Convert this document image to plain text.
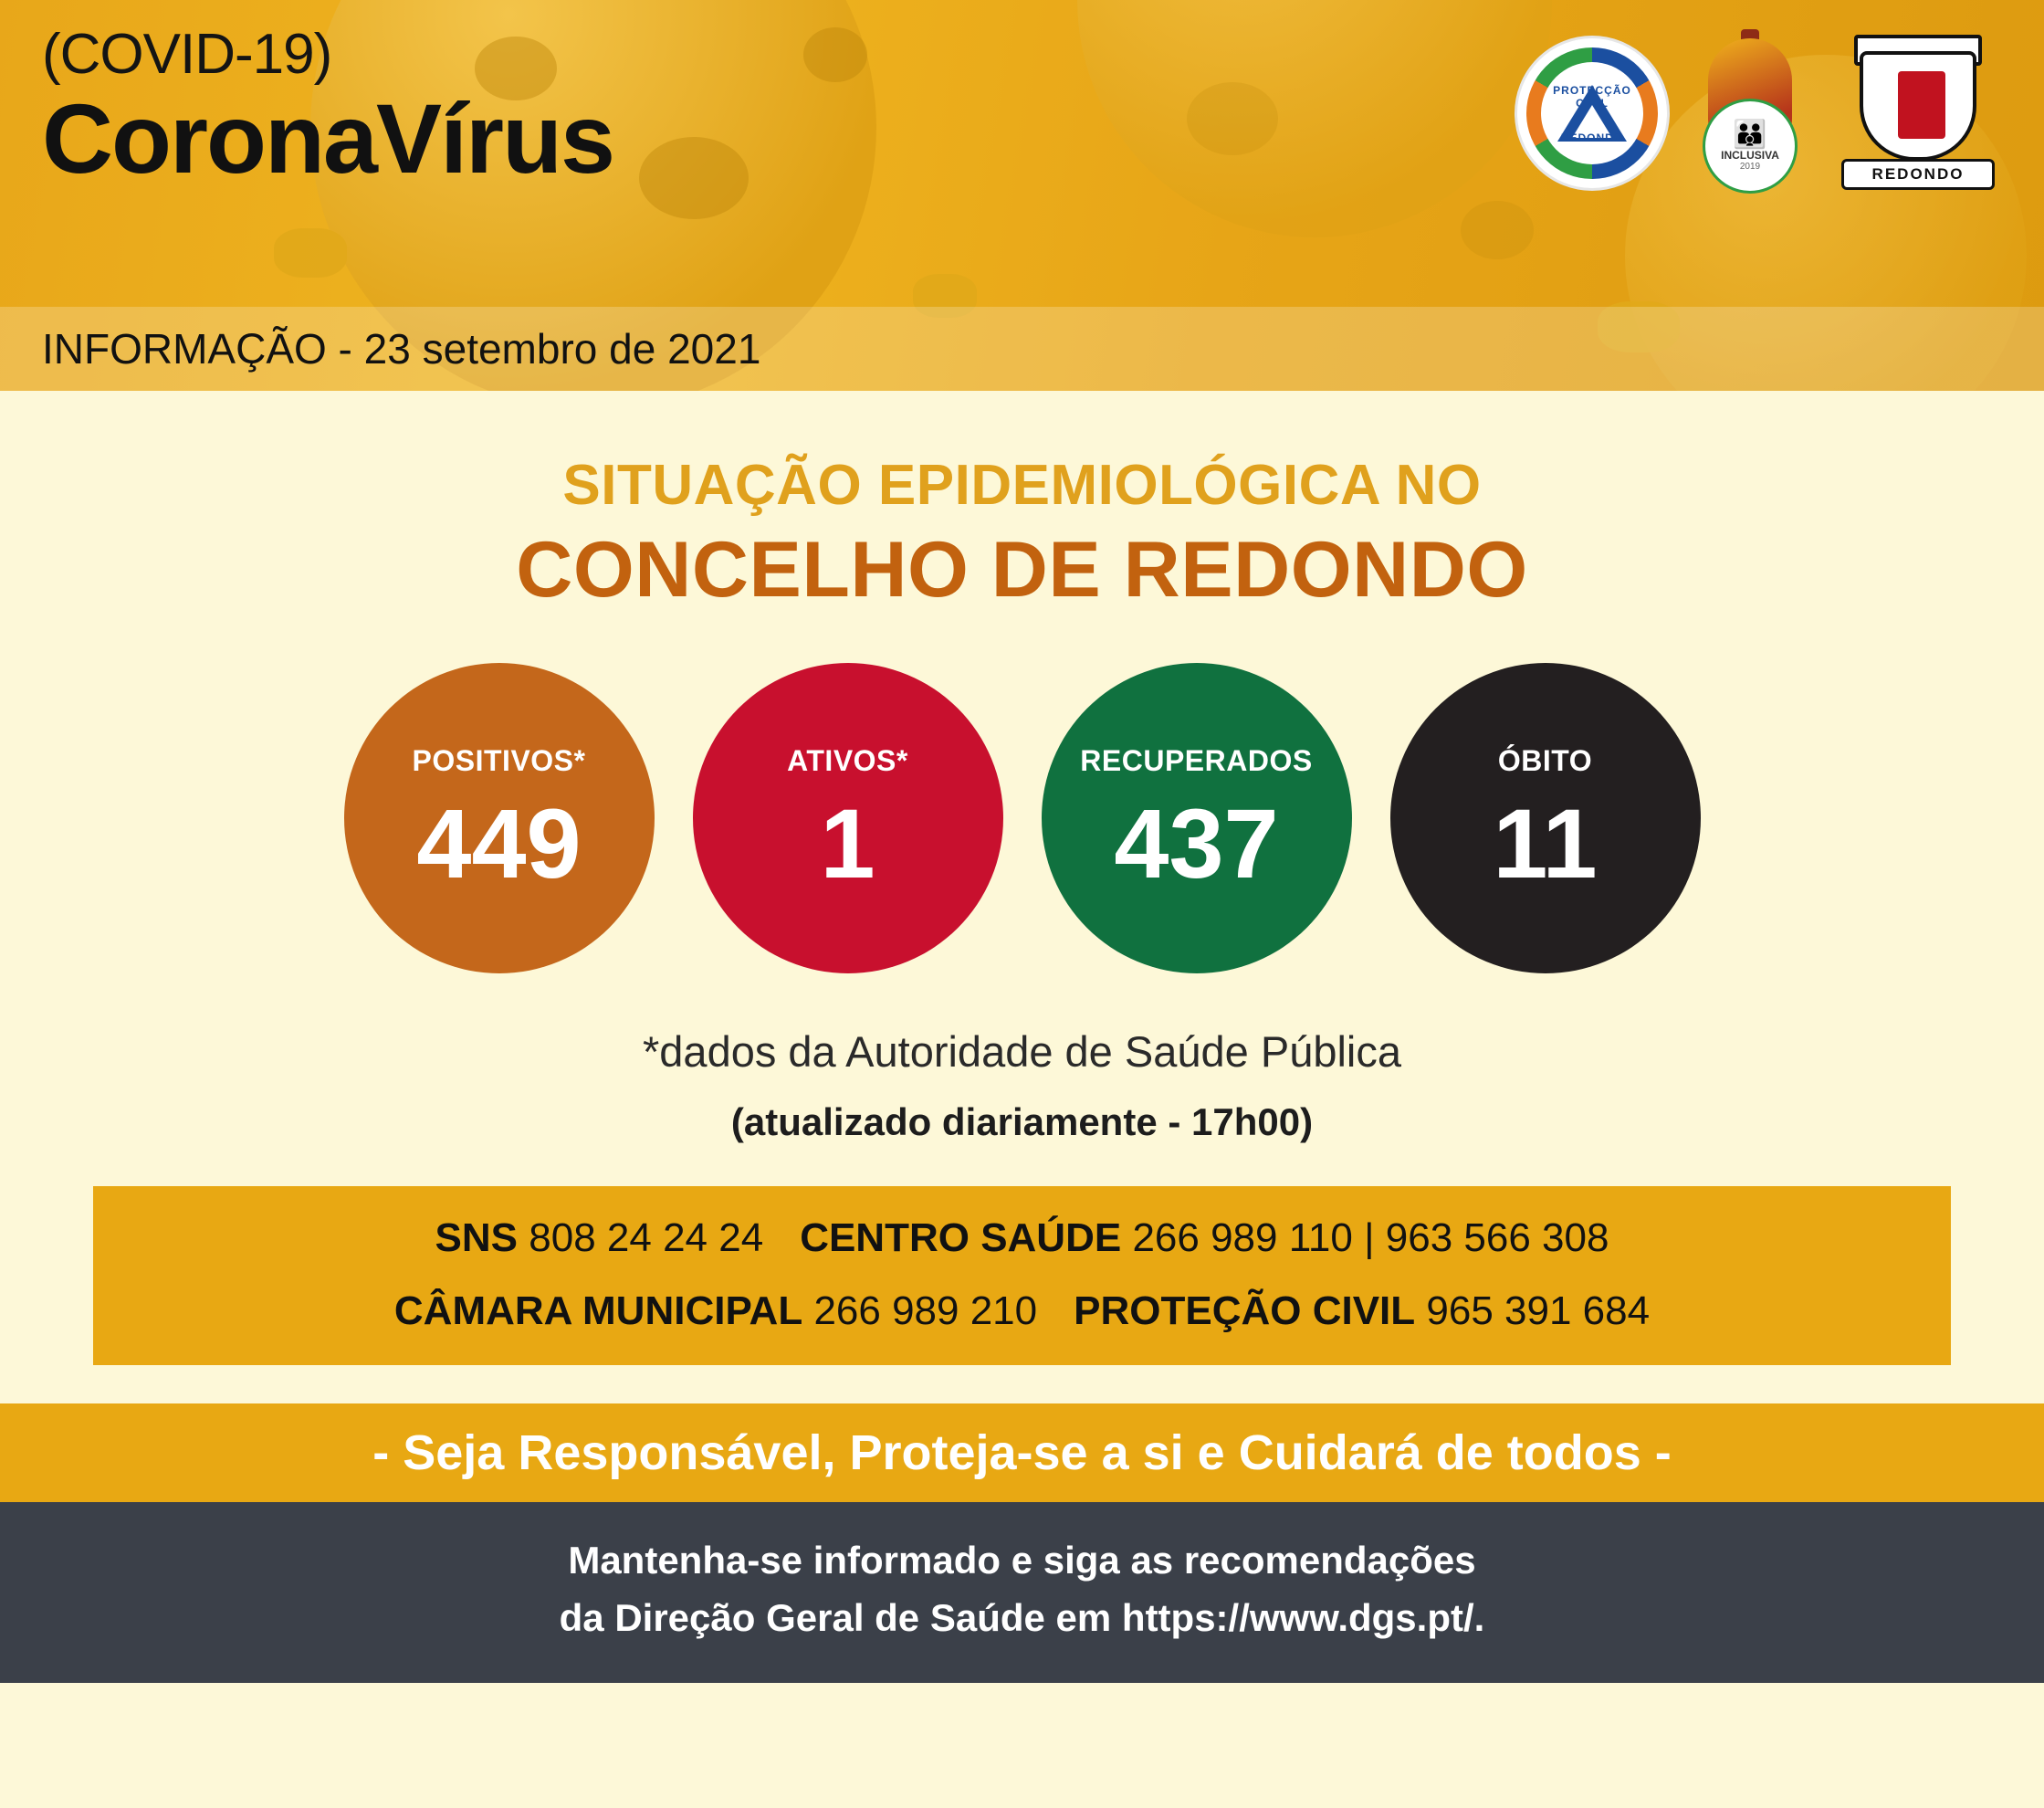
(COVID-19)
CoronaVírus	PROTECÇÃO CIVIL
REDONDO	👪
INCLUSIVA
2019	REDONDO
INFORMAÇÃO - 23 setembro de 2021
SITUAÇÃO EPIDEMIOLÓGICA NO
CONCELHO DE REDONDO
POSITIVOS*
449
ATIVOS*
1
RECUPERADOS
437
ÓBITO
11
*dados da Autoridade de Saúde Pública
(atualizado diariamente - 17h00)
SNS 808 24 24 24 CENTRO SAÚDE 266 989 110 | 963 566 308
CÂMARA MUNICIPAL 266 989 210 PROTEÇÃO CIVIL 965 391 684
- Seja Responsável, Proteja-se a si e Cuidará de todos -
Mantenha-se informado e siga as recomendações
da Direção Geral de Saúde em https://www.dgs.pt/.
